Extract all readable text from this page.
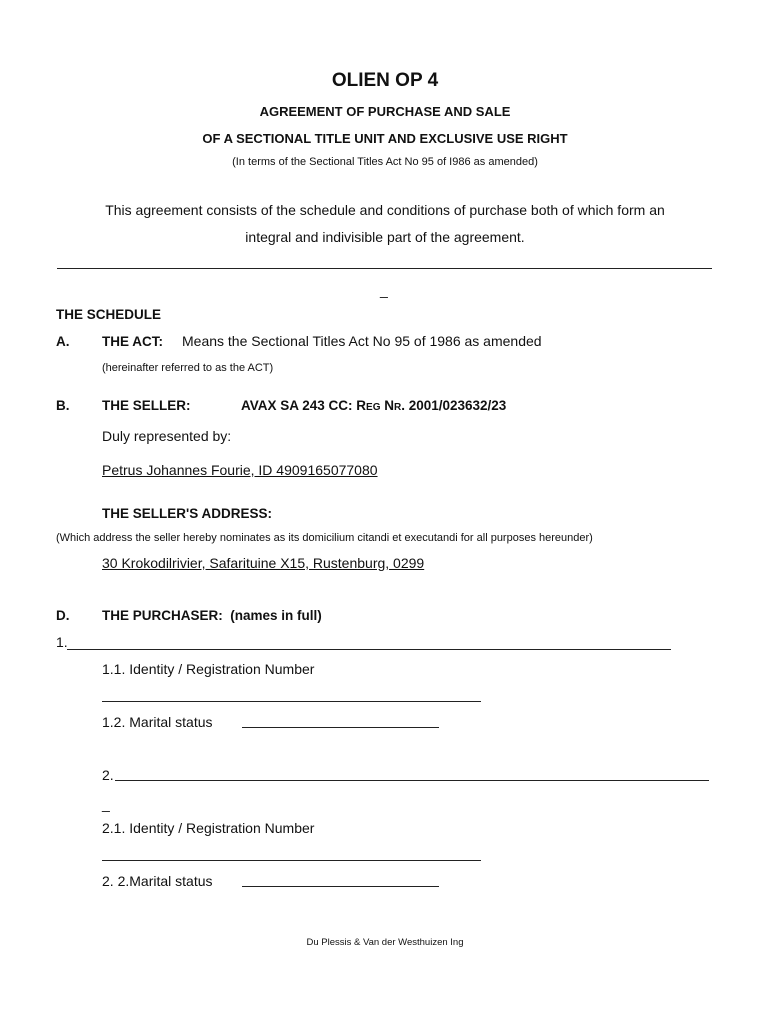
OLIEN OP 4
AGREEMENT OF PURCHASE AND SALE
OF A SECTIONAL TITLE UNIT AND EXCLUSIVE USE RIGHT
(In terms of the Sectional Titles Act No 95 of I986 as amended)
This agreement consists of the schedule and conditions of purchase both of which form an
integral and indivisible part of the agreement.
_
THE SCHEDULE
A. THE ACT: Means the Sectional Titles Act No 95 of 1986 as amended
(hereinafter referred to as the ACT)
B. THE SELLER:	AVAX SA 243 CC: REG NR. 2001/023632/23
Duly represented by:
Petrus Johannes Fourie, ID 4909165077080
THE SELLER'S ADDRESS:
(Which address the seller hereby nominates as its domicilium citandi et executandi for all purposes hereunder)
30 Krokodilrivier, Safarituine X15, Rustenburg, 0299
D. THE PURCHASER: (names in full)
1.
1.1. Identity / Registration Number
1.2. Marital status
2.
_
2.1. Identity / Registration Number
2. 2.Marital status
Du Plessis & Van der Westhuizen Ing
